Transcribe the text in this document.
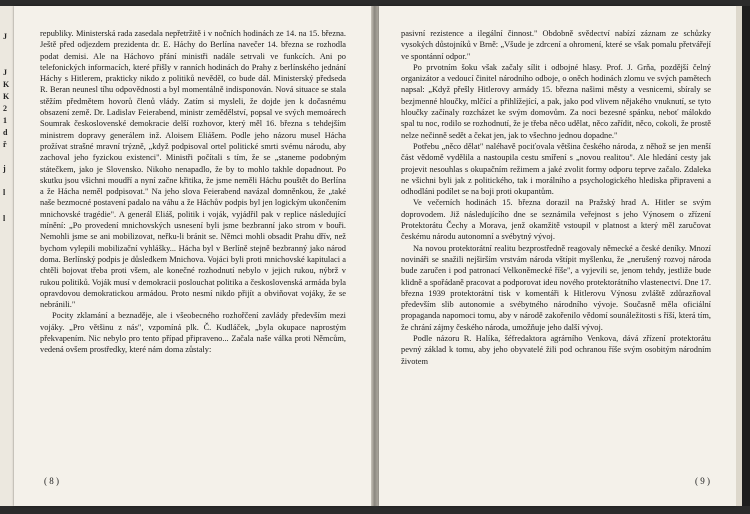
J
J
K
K
2
1
d
ř
j
l
l

republiky. Ministerská rada zasedala nepřetržitě i v nočních hodinách ze 14. na 15. března. Ještě před odjezdem prezidenta dr. E. Háchy do Berlína navečer 14. března se rozhodla podat demisi. Ale na Háchovo přání ministři nadále setrvali ve funkcích. Ani po telefonických informacích, které přišly v ranních hodinách do Prahy z berlínského jednání Háchy s Hitlerem, prakticky nikdo z politiků nevěděl, co bude dál. Ministerský předseda R. Beran neunesl tíhu odpovědnosti a byl momentálně indisponován. Nová situace se stala stěžím předmětem hovorů členů vlády. Zatím si mysleli, že dojde jen k dočasnému obsazení země. Dr. Ladislav Feierabend, ministr zemědělství, popsal ve svých memoárech Soumrak československé demokracie delší rozhovor, který měl 16. března s tehdejším ministrem dopravy generálem inž. Aloisem Eliášem. Podle jeho názoru musel Hácha prožívat strašné mravní trýzně, „když podpisoval ortel politické smrti svému národu, aby zachoval jeho fyzickou existenci". Ministři počítali s tím, že se „staneme podobným státečkem, jako je Slovensko. Nikoho nenapadlo, že by to mohlo takhle dopadnout. Po skutku jsou všichni moudří a nyní začne křitika, že jsme neměli Háchu pouštět do Berlína a že Hácha neměl podpisovat." Na jeho slova Feierabend navázal domněnkou, že „také naše bezmocné postavení padalo na váhu a že Háchův podpis byl jen logickým ukončením mnichovské tragédie". A generál Eliáš, politik i voják, vyjádřil pak v replice následující mínění: „Po provedení mnichovských usnesení byli jsme bezbranní jako strom v bouři. Nemohli jsme se ani mobilizovat, neřku-li bránit se. Němci mohli obsadit Prahu dřív, než bychom vylepili mobilizační vyhlášky... Hácha byl v Berlíně stejně bezbranný jako národ doma. Berlínský podpis je důsledkem Mnichova. Vojáci byli proti mnichovské kapitulaci a chtěli bojovat třeba proti všem, ale konečné rozhodnutí nebylo v jejich rukou, nýbrž v rukou politiků. Voják musí v demokracii poslouchat politika a československá armáda byla opravdovou demokratickou armádou. Proto nesmí nikdo přijít a obviňovat vojáky, že se nebránili."

Pocity zklamání a beznaděje, ale i všeobecného rozhořčení zavlády především mezi vojáky. „Pro většinu z nás", vzpomíná plk. Č. Kudláček, „byla okupace naprostým překvapením. Nic nebylo pro tento případ připraveno... Začala naše válka proti Němcům, vedená ovšem prostředky, které nám doma zůstaly:

( 8 )

pasivní rezistence a ilegální činnost." Obdobně svědectví nabízí záznam ze schůzky vysokých důstojníků v Brně: „Všude je zdrcení a ohromení, které se však pomalu přetvářejí ve spontánní odpor."

Po prvotním šoku však začaly sílit i odbojné hlasy. Prof. J. Grňa, pozdější čelný organizátor a vedoucí činitel národního odboje, o oněch hodinách zlomu ve svých pamětech napsal: „Když přešly Hitlerovy armády 15. března našimi městy a vesnicemi, sbíraly se bezjmenné hloučky, mlčící a přihlížející, a pak, jako pod vlivem nějakého vnuknutí, se tyto hloučky začínaly rozcházet ke svým domovům. Za noci bezesné spánku, neboť málokdo spal tu noc, rodilo se rozhodnutí, že je třeba něco udělat, něco zařídit, něco, cokoli, že prostě nelze nečinně sedět a čekat jen, jak to všechno jednou dopadne."

Potřebu „něco dělat" naléhavě pociťovala většina českého národa, z něhož se jen menší část vědomě vydělila a nastoupila cestu smíření s „novou realitou". Ale hledání cesty jak projevit nesouhlas s okupačním režimem a jaké zvolit formy odporu teprve začalo. Zdaleka ne všichni byli jak z politického, tak i morálního a psychologického hlediska připraveni a odhodláni podílet se na boji proti okupantům.

Ve večerních hodinách 15. března dorazil na Pražský hrad A. Hitler se svým doprovodem. Již následujícího dne se seznámila veřejnost s jeho Výnosem o zřízení Protektorátu Čechy a Morava, jenž okamžitě vstoupil v platnost a který měl zaručovat českému národu autonomní a svébytný vývoj.

Na novou protektorátní realitu bezprostředně reagovaly německé a české deníky. Mnozí novináři se snažili nejširším vrstvám národa vštípit myšlenku, že „nerušený rozvoj národa bude zaručen i pod patronací Velkoněmecké říše", a vyjevili se, jenom tehdy, jestliže bude klidně a spořádaně pracovat a podporovat ideu nového protektorátního vlastenectví. Dne 17. března 1939 protektorátní tisk v komentáři k Hitlerovu Výnosu zvláště zdůrazňoval především slib autonomie a svébytného národního vývoje. Současně měla oficiální propaganda napomoci tomu, aby v národě zakořenilo vědomí sounáležitosti s říší, která tím, že chrání zájmy českého národa, umožňuje jeho další vývoj.

Podle názoru R. Halíka, šéfredaktora agrárního Venkova, dává zřízení protektorátu pevný základ k tomu, aby jeho obyvatelé žili pod ochranou říše svým osobitým národním životem

( 9 )
